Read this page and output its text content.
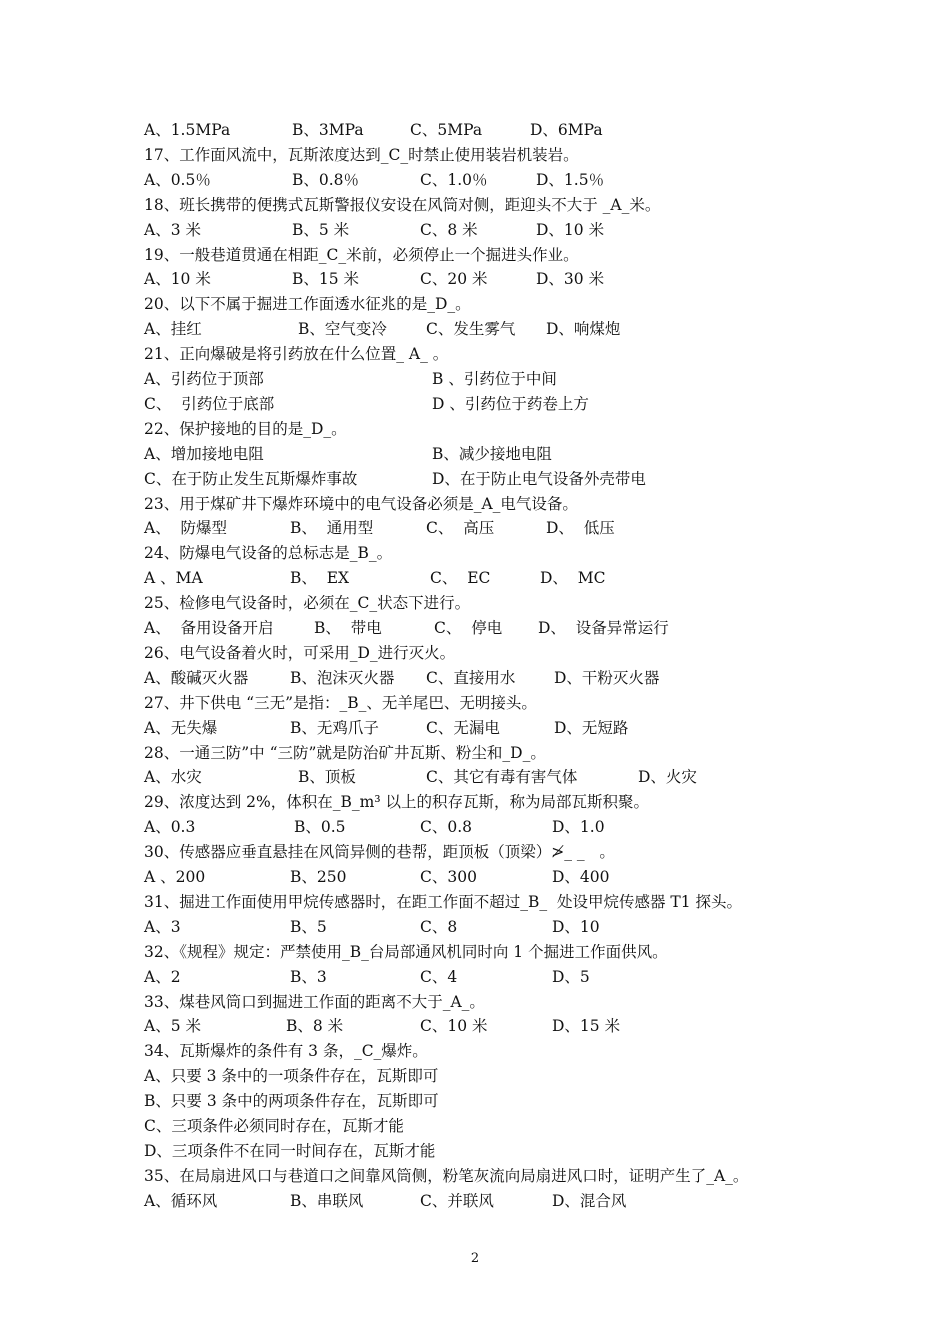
A、1.5MPa	B、3MPa	C、5MPa	D、6MPa
17、工作面风流中，瓦斯浓度达到_C_时禁止使用装岩机装岩。
A、0.5％	B、0.8％	C、1.0％	D、1.5％
18、班长携带的便携式瓦斯警报仪安设在风筒对侧，距迎头不大于 _A_米。
A、3 米	B、5 米	C、8 米	D、10 米
19、一般巷道贯通在相距_C_米前，必须停止一个掘进头作业。
A、10 米	B、15 米	C、20 米	D、30 米
20、以下不属于掘进工作面透水征兆的是_D_。
A、挂红	B、空气变冷	C、发生雾气 D、响煤炮
21、正向爆破是将引药放在什么位置_ A_ 。
A、引药位于顶部	B 、引药位于中间
C、  引药位于底部	D 、引药位于药卷上方
22、保护接地的目的是_D_。
A、增加接地电阻	B、减少接地电阻
C、在于防止发生瓦斯爆炸事故	D、在于防止电气设备外壳带电
23、用于煤矿井下爆炸环境中的电气设备必须是_A_电气设备。
A、  防爆型	B、  通用型	C、  高压	D、  低压
24、防爆电气设备的总标志是_B_。
A 、MA	B、  EX	C、  EC	D、  MC
25、检修电气设备时，必须在_C_状态下进行。
A、  备用设备开启	B、  带电	C、  停电 D、  设备异常运行
26、电气设备着火时，可采用_D_进行灭火。
A、酸碱灭火器	B、泡沫灭火器 C、直接用水 D、干粉灭火器
27、井下供电 “三无”是指：_B_、无羊尾巴、无明接头。
A、无失爆	B、无鸡爪子	C、无漏电	D、无短路
28、一通三防”中 “三防”就是防治矿井瓦斯、粉尘和_D_。
A、水灾	B、顶板	C、其它有毒有害气体	D、火灾
29、浓度达到 2%，体积在_B_m³ 以上的积存瓦斯，称为局部瓦斯积聚。
A、0.3	B、0.5	C、0.8	D、1.0
30、传感器应垂直悬挂在风筒异侧的巷帮，距顶板（顶梁）≯_ _   。
A 、200	B、250	C、300	D、400
31、掘进工作面使用甲烷传感器时，在距工作面不超过_B_  处设甲烷传感器 T1 探头。
A、3	B、5	C、8	D、10
32、《规程》规定：严禁使用_B_台局部通风机同时向 1 个掘进工作面供风。
A、2	B、3	C、4	D、5
33、煤巷风筒口到掘进工作面的距离不大于_A_。
A、5 米	B、8 米	C、10 米	D、15 米
34、瓦斯爆炸的条件有 3 条，_C_爆炸。
A、只要 3 条中的一项条件存在，瓦斯即可
B、只要 3 条中的两项条件存在，瓦斯即可
C、三项条件必须同时存在，瓦斯才能
D、三项条件不在同一时间存在，瓦斯才能
35、在局扇进风口与巷道口之间靠风筒侧，粉笔灰流向局扇进风口时，证明产生了_A_。
A、循环风	B、串联风	C、并联风	D、混合风
2
